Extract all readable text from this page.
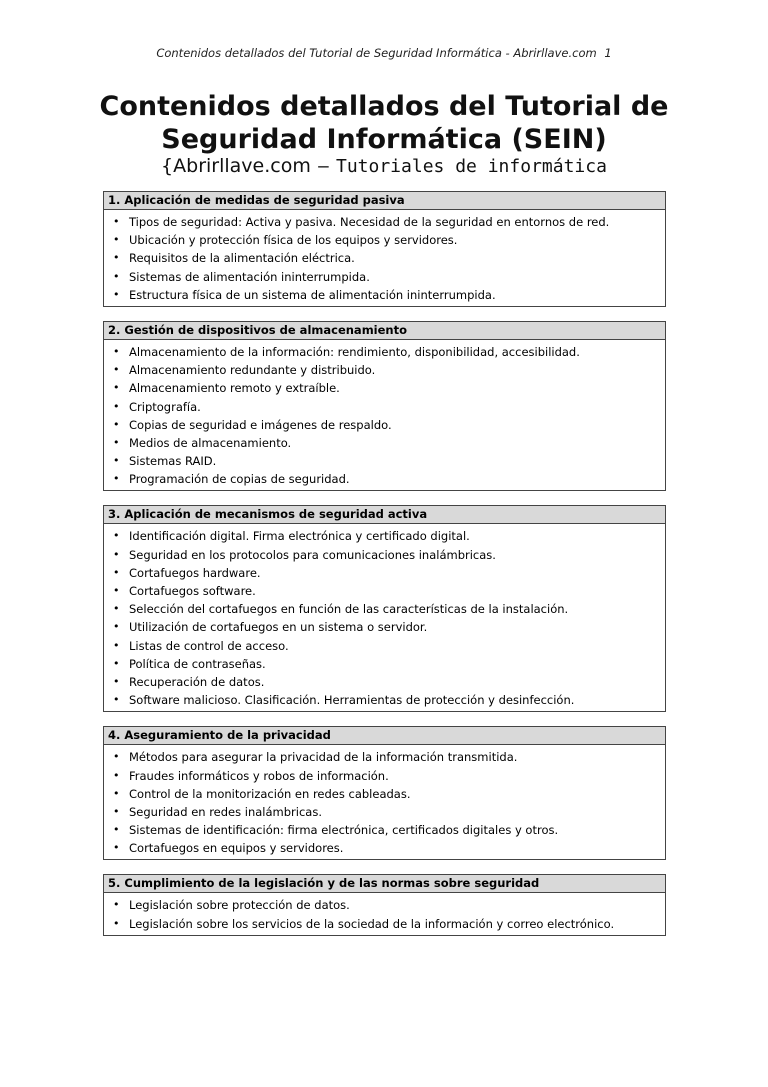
Contenidos detallados del Tutorial de Seguridad Informática - Abrirllave.com 1
Contenidos detallados del Tutorial de
Seguridad Informática (SEIN)
{Abrirllave.com – Tutoriales de informática
1. Aplicación de medidas de seguridad pasiva
• Tipos de seguridad: Activa y pasiva. Necesidad de la seguridad en entornos de red.
• Ubicación y protección física de los equipos y servidores.
• Requisitos de la alimentación eléctrica.
• Sistemas de alimentación ininterrumpida.
• Estructura física de un sistema de alimentación ininterrumpida.
2. Gestión de dispositivos de almacenamiento
• Almacenamiento de la información: rendimiento, disponibilidad, accesibilidad.
• Almacenamiento redundante y distribuido.
• Almacenamiento remoto y extraíble.
• Criptografía.
• Copias de seguridad e imágenes de respaldo.
• Medios de almacenamiento.
• Sistemas RAID.
• Programación de copias de seguridad.
3. Aplicación de mecanismos de seguridad activa
• Identificación digital. Firma electrónica y certificado digital.
• Seguridad en los protocolos para comunicaciones inalámbricas.
• Cortafuegos hardware.
• Cortafuegos software.
• Selección del cortafuegos en función de las características de la instalación.
• Utilización de cortafuegos en un sistema o servidor.
• Listas de control de acceso.
• Política de contraseñas.
• Recuperación de datos.
• Software malicioso. Clasificación. Herramientas de protección y desinfección.
4. Aseguramiento de la privacidad
• Métodos para asegurar la privacidad de la información transmitida.
• Fraudes informáticos y robos de información.
• Control de la monitorización en redes cableadas.
• Seguridad en redes inalámbricas.
• Sistemas de identificación: firma electrónica, certificados digitales y otros.
• Cortafuegos en equipos y servidores.
5. Cumplimiento de la legislación y de las normas sobre seguridad
• Legislación sobre protección de datos.
• Legislación sobre los servicios de la sociedad de la información y correo electrónico.
